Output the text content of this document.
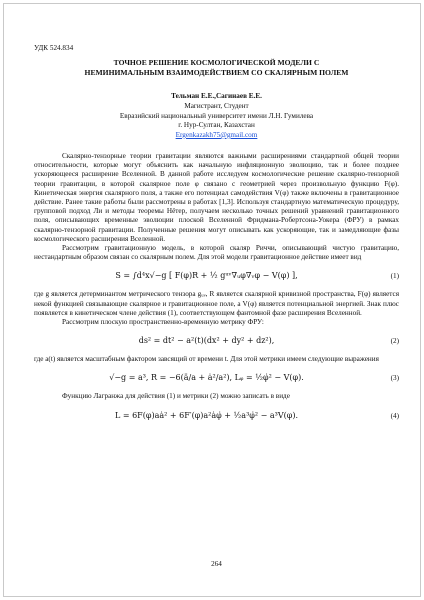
УДК 524.834
ТОЧНОЕ РЕШЕНИЕ КОСМОЛОГИЧЕСКОЙ МОДЕЛИ С
НЕМИНИМАЛЬНЫМ ВЗАИМОДЕЙСТВИЕМ СО СКАЛЯРНЫМ ПОЛЕМ
Тельман Е.Е.,Сагинаев Е.Е.
Магистрант, Студент
Евразийский национальный университет имени Л.Н. Гумилева
г. Нур-Султан, Казахстан
Ergenkazakh75@gmail.com

Скалярно-тензорные теории гравитации являются важными расширениями стандартной общей теории относительности, которые могут объяснить как начальную инфляционную эволюцию, так и более позднее ускоряющееся расширение Вселенной. В данной работе исследуем космологические решение скалярно-тензорной теории гравитации, в которой скалярное поле φ связано с геометрией через произвольную функцию F(φ). Кинетическая энергия скалярного поля, а также его потенциал самодействия V(φ) также включены в гравитационное действие. Ранее такие работы были рассмотрены в работах [1,3]. Используя стандартную математическую процедуру, групповой подход Ли и методы теоремы Нётер, получаем несколько точных решений уравнений гравитационного поля, описывающих временные эволюции плоской Вселенной Фридмана-Робертсона-Уокера (ФРУ) в рамках скалярно-тензорной гравитации. Полученные решения могут описывать как ускоряющие, так и замедляющие фазы космологического расширения Вселенной.

Рассмотрим гравитационную модель, в которой скаляр Риччи, описывающий чистую гравитацию, нестандартным образом связан со скалярным полем. Для этой модели гравитационное действие имеет вид

S = ∫d⁴x√−g [ F(φ)R + ½ gᵘᵛ∇ᵤφ∇ᵥφ − V(φ) ],	(1)

где g является детерминантом метрического тензора gᵤᵥ, R является скалярной кривизной пространства, F(φ) является некой функцией связывающие скалярное и гравитационное поле, а V(φ) является потенциальной энергией. Знак плюс появляется в кинетическом члене действия (1), соответствующем фантомной фазе расширения Вселенной.

Рассмотрим плоскую пространственно-временную метрику ФРУ:

ds² = dt² − a²(t)(dx² + dy² + dz²),	(2)

где a(t) является масштабным фактором завсящий от времени t. Для этой метрики имеем следующие выражения

√−g = a³, R = −6(ä/a + ȧ²/a²), Lᵩ = ½φ̇² − V(φ).	(3)

Функцию Лагранжа для действия (1) и метрики (2) можно записать в виде

L = 6F(φ)aȧ² + 6F′(φ)a²ȧφ̇ + ½a³φ̇² − a³V(φ).	(4)
264
